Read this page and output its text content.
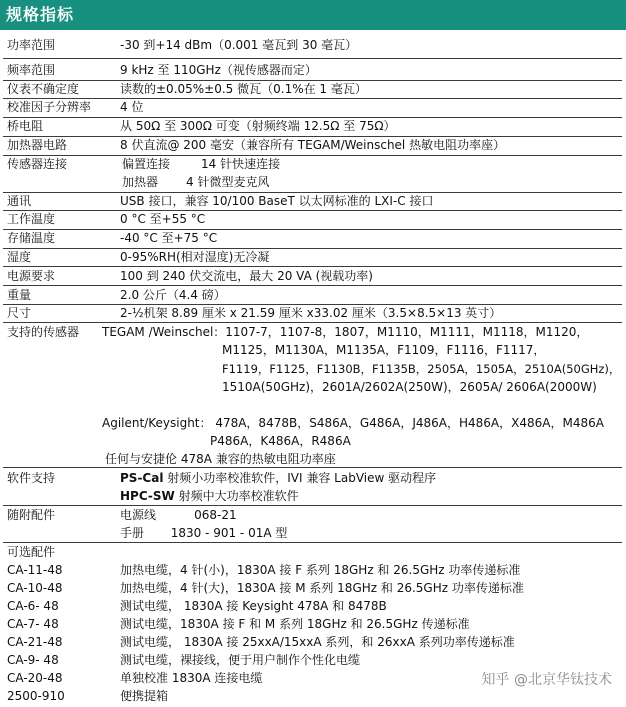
规格指标
功率范围	-30 到+14 dBm（0.001 毫瓦到 30 毫瓦）
频率范围	9 kHz 至 110GHz（视传感器而定）
仪表不确定度	读数的±0.05%±0.5 微瓦（0.1%在 1 毫瓦）
校准因子分辨率 4 位
桥电阻	从 50Ω 至 300Ω 可变（射频终端 12.5Ω 至 75Ω）
加热器电路	8 伏直流@ 200 毫安（兼容所有 TEGAM/Weinschel 热敏电阻功率座）
传感器连接	偏置连接	14 针快速连接
加热器 4 针微型麦克风
通讯	USB 接口，兼容 10/100 BaseT 以太网标准的 LXI-C 接口
工作温度	0 °C 至+55 °C
存储温度	-40 °C 至+75 °C
湿度	0-95%RH(相对湿度)无冷凝
电源要求	100 到 240 伏交流电，最大 20 VA (视载功率)
重量	2.0 公斤（4.4 磅）
尺寸	2-½机架 8.89 厘米 x 21.59 厘米 x33.02 厘米（3.5×8.5×13 英寸）
支持的传感器 TEGAM /Weinschel：1107-7，1107-8，1807，M1110，M1111，M1118，M1120，
M1125，M1130A，M1135A，F1109，F1116，F1117，
F1119，F1125，F1130B，F1135B，2505A，1505A，2510A(50GHz)，
1510A(50GHz)，2601A/2602A(250W)，2605A/ 2606A(2000W)
Agilent/Keysight： 478A，8478B，S486A，G486A，J486A，H486A，X486A，M486A
P486A，K486A，R486A
任何与安捷伦 478A 兼容的热敏电阻功率座
软件支持	PS-Cal 射频小功率校准软件，IVI 兼容 LabView 驱动程序
HPC-SW 射频中大功率校准软件
随附配件	电源线          068-21
手册       1830 - 901 - 01A 型
可选配件
CA-11-48	加热电缆，4 针(小)，1830A 接 F 系列 18GHz 和 26.5GHz 功率传递标准
CA-10-48	加热电缆，4 针(大)，1830A 接 M 系列 18GHz 和 26.5GHz 功率传递标准
CA-6- 48	测试电缆， 1830A 接 Keysight 478A 和 8478B
CA-7- 48	测试电缆，1830A 接 F 和 M 系列 18GHz 和 26.5GHz 传递标准
CA-21-48	测试电缆， 1830A 接 25xxA/15xxA 系列，和 26xxA 系列功率传递标准
CA-9- 48	测试电缆，裸接线，便于用户制作个性化电缆
CA-20-48	单独校准 1830A 连接电缆
2500-910	便携提箱
知乎 @北京华钛技术
